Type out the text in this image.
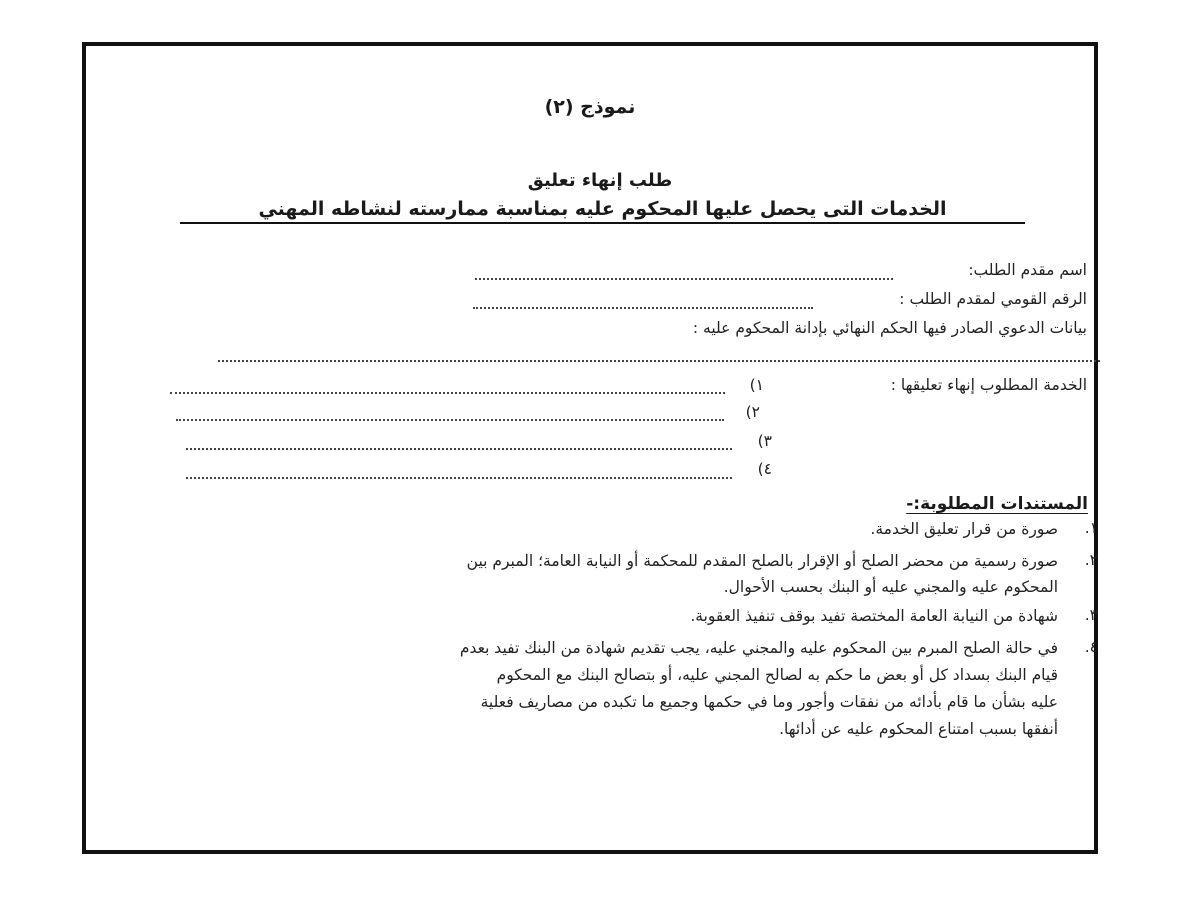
نموذج (٢)
طلب إنهاء تعليق
الخدمات التى يحصل عليها المحكوم عليه بمناسبة ممارسته لنشاطه المهني
اسم مقدم الطلب:
الرقم القومي لمقدم الطلب :
بيانات الدعوي الصادر فيها الحكم النهائي بإدانة المحكوم عليه :
الخدمة المطلوب إنهاء تعليقها :
١)
٢)
٣)
٤)
المستندات المطلوبة:-
١.
صورة من قرار تعليق الخدمة.
٢.
صورة رسمية من محضر الصلح أو الإقرار بالصلح المقدم للمحكمة أو النيابة العامة؛ المبرم بين
المحكوم عليه والمجني عليه أو البنك بحسب الأحوال.
٣.
شهادة من النيابة العامة المختصة تفيد بوقف تنفيذ العقوبة.
٤.
في حالة الصلح المبرم بين المحكوم عليه والمجني عليه، يجب تقديم شهادة من البنك تفيد بعدم
قيام البنك بسداد كل أو بعض ما حكم به لصالح المجني عليه، أو بتصالح البنك مع المحكوم
عليه بشأن ما قام بأدائه من نفقات وأجور وما في حكمها وجميع ما تكبده من مصاريف فعلية
أنفقها بسبب امتناع المحكوم عليه عن أدائها.
